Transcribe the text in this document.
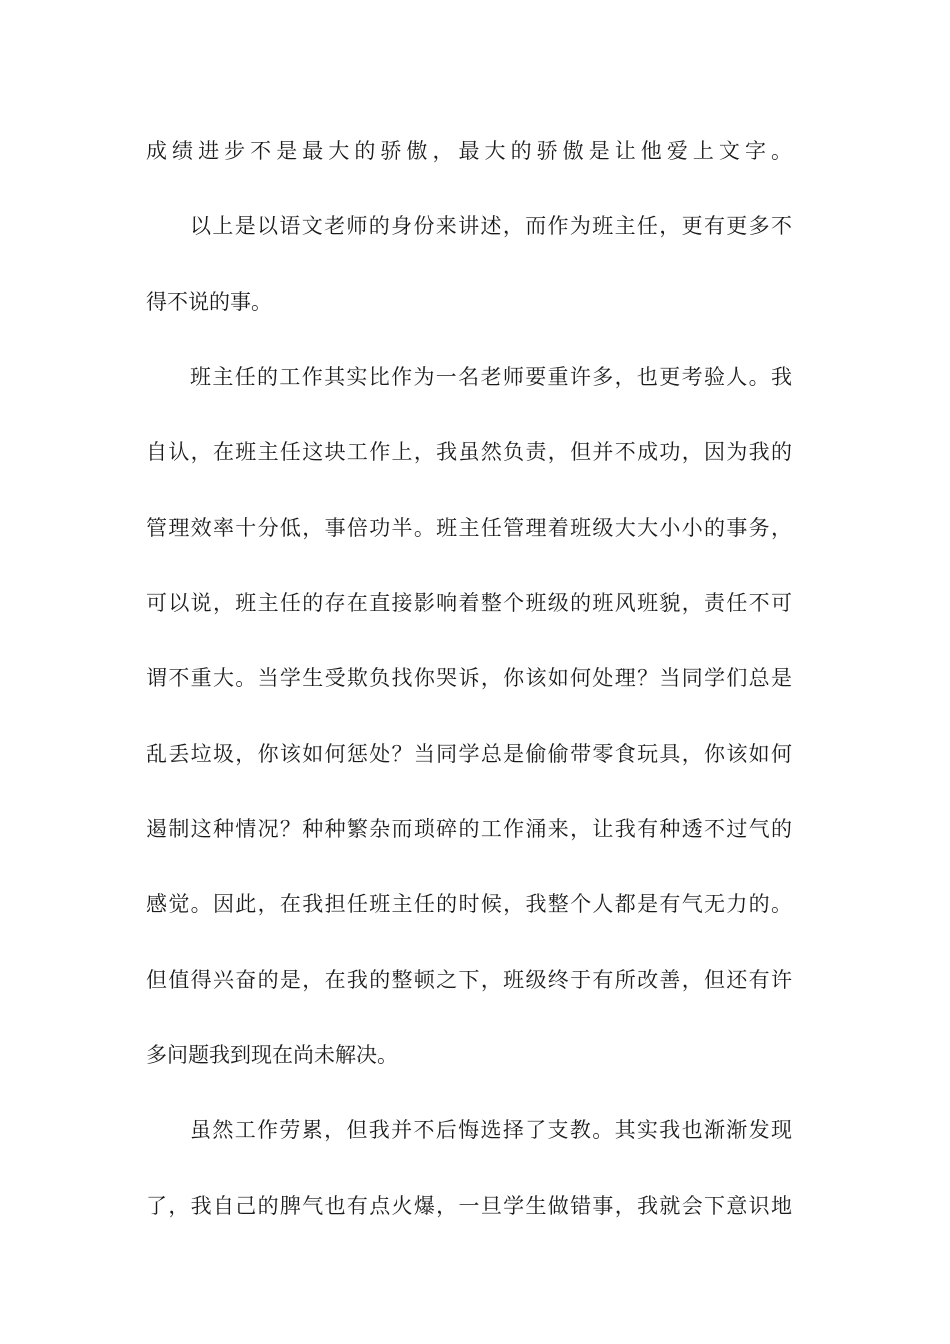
成绩进步不是最大的骄傲，最大的骄傲是让他爱上文字。
以上是以语文老师的身份来讲述，而作为班主任，更有更多不
得不说的事。
班主任的工作其实比作为一名老师要重许多，也更考验人。我
自认，在班主任这块工作上，我虽然负责，但并不成功，因为我的
管理效率十分低，事倍功半。班主任管理着班级大大小小的事务，
可以说，班主任的存在直接影响着整个班级的班风班貌，责任不可
谓不重大。当学生受欺负找你哭诉，你该如何处理？当同学们总是
乱丢垃圾，你该如何惩处？当同学总是偷偷带零食玩具，你该如何
遏制这种情况？种种繁杂而琐碎的工作涌来，让我有种透不过气的
感觉。因此，在我担任班主任的时候，我整个人都是有气无力的。
但值得兴奋的是，在我的整顿之下，班级终于有所改善，但还有许
多问题我到现在尚未解决。
虽然工作劳累，但我并不后悔选择了支教。其实我也渐渐发现
了，我自己的脾气也有点火爆，一旦学生做错事，我就会下意识地
